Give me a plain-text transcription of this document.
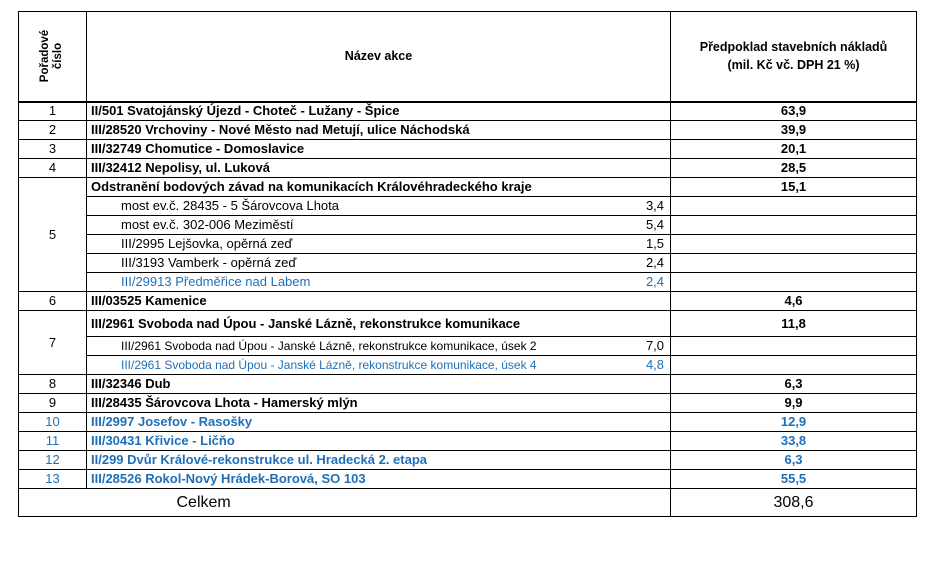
Pořadové
číslo	Název akce		Předpoklad stavebních nákladů
(mil. Kč vč. DPH 21 %)

1	II/501 Svatojánský Újezd - Choteč - Lužany - Špice		63,9
2	III/28520 Vrchoviny - Nové Město nad Metují, ulice Náchodská		39,9
3	III/32749 Chomutice - Domoslavice		20,1
4	III/32412 Nepolisy, ul. Luková		28,5
5	Odstranění bodových závad na komunikacích Královéhradeckého kraje		15,1
	most ev.č. 28435 - 5 Šárovcova Lhota	3,4	
	most ev.č. 302-006 Meziměstí	5,4	
	III/2995 Lejšovka, opěrná zeď	1,5	
	III/3193 Vamberk - opěrná zeď	2,4	
	III/29913 Předměřice nad Labem	2,4	
6	III/03525 Kamenice		4,6
7	III/2961 Svoboda nad Úpou - Janské Lázně, rekonstrukce komunikace		11,8
	III/2961 Svoboda nad Úpou - Janské Lázně, rekonstrukce komunikace, úsek 2	7,0	
	III/2961 Svoboda nad Úpou - Janské Lázně, rekonstrukce komunikace, úsek 4	4,8	
8	III/32346 Dub		6,3
9	III/28435 Šárovcova Lhota - Hamerský mlýn		9,9
10	III/2997 Josefov - Rasošky		12,9
11	III/30431 Křivice - Ličňo		33,8
12	II/299 Dvůr Králové-rekonstrukce ul. Hradecká 2. etapa		6,3
13	III/28526 Rokol-Nový Hrádek-Borová, SO 103		55,5
	Celkem		308,6
